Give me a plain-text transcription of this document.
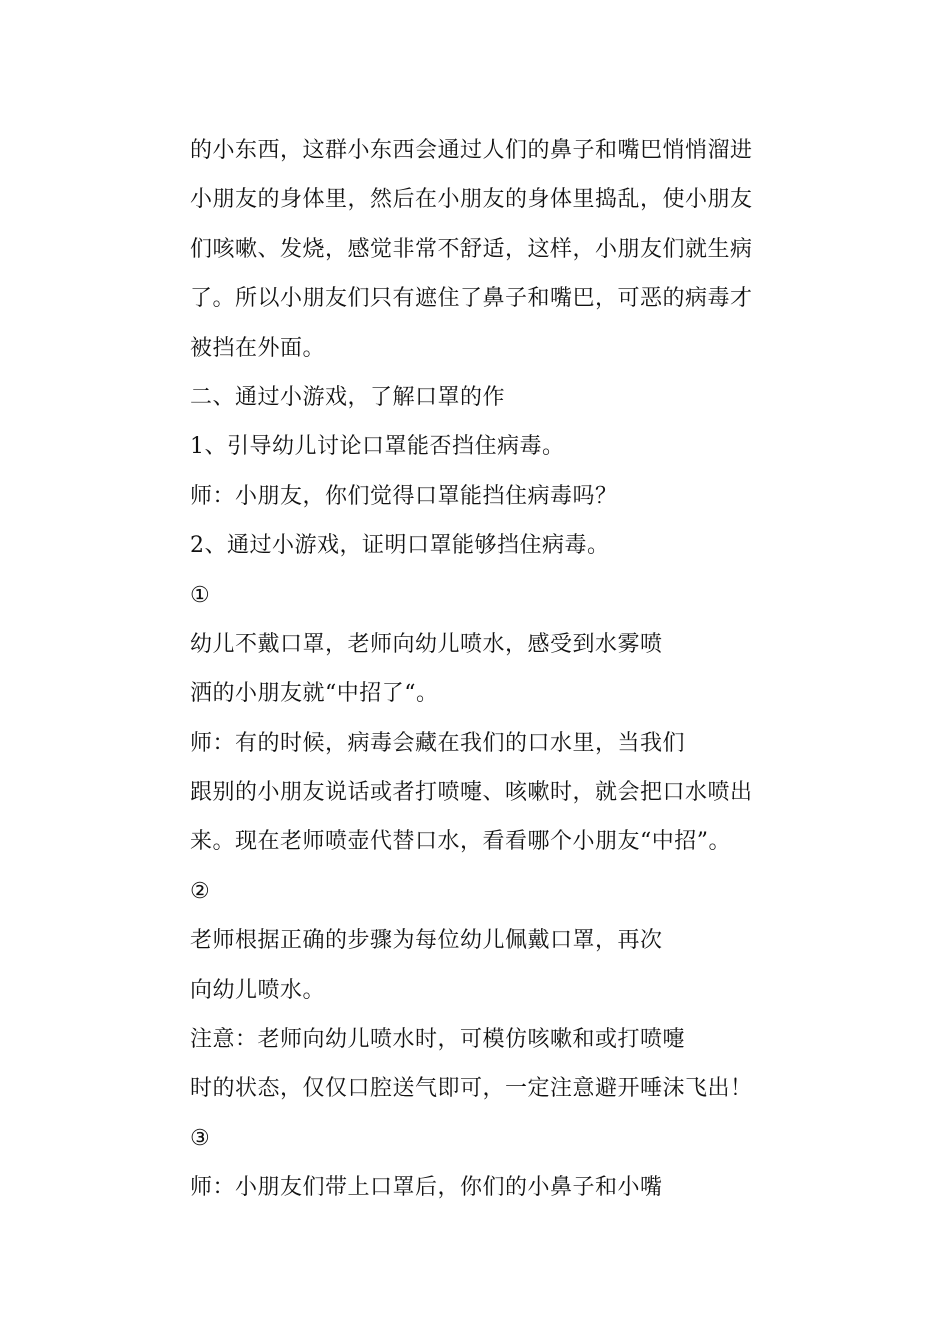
的小东西，这群小东西会通过人们的鼻子和嘴巴悄悄溜进
小朋友的身体里，然后在小朋友的身体里捣乱，使小朋友
们咳嗽、发烧，感觉非常不舒适，这样，小朋友们就生病
了。所以小朋友们只有遮住了鼻子和嘴巴，可恶的病毒才
被挡在外面。
二、通过小游戏，了解口罩的作
1、引导幼儿讨论口罩能否挡住病毒。
师：小朋友，你们觉得口罩能挡住病毒吗？
2、通过小游戏，证明口罩能够挡住病毒。
①
幼儿不戴口罩，老师向幼儿喷水，感受到水雾喷
洒的小朋友就“中招了“。
师：有的时候，病毒会藏在我们的口水里，当我们
跟别的小朋友说话或者打喷嚏、咳嗽时，就会把口水喷出
来。现在老师喷壶代替口水，看看哪个小朋友“中招”。
②
老师根据正确的步骤为每位幼儿佩戴口罩，再次
向幼儿喷水。
注意：老师向幼儿喷水时，可模仿咳嗽和或打喷嚏
时的状态，仅仅口腔送气即可，一定注意避开唾沫飞出！
③
师：小朋友们带上口罩后，你们的小鼻子和小嘴
